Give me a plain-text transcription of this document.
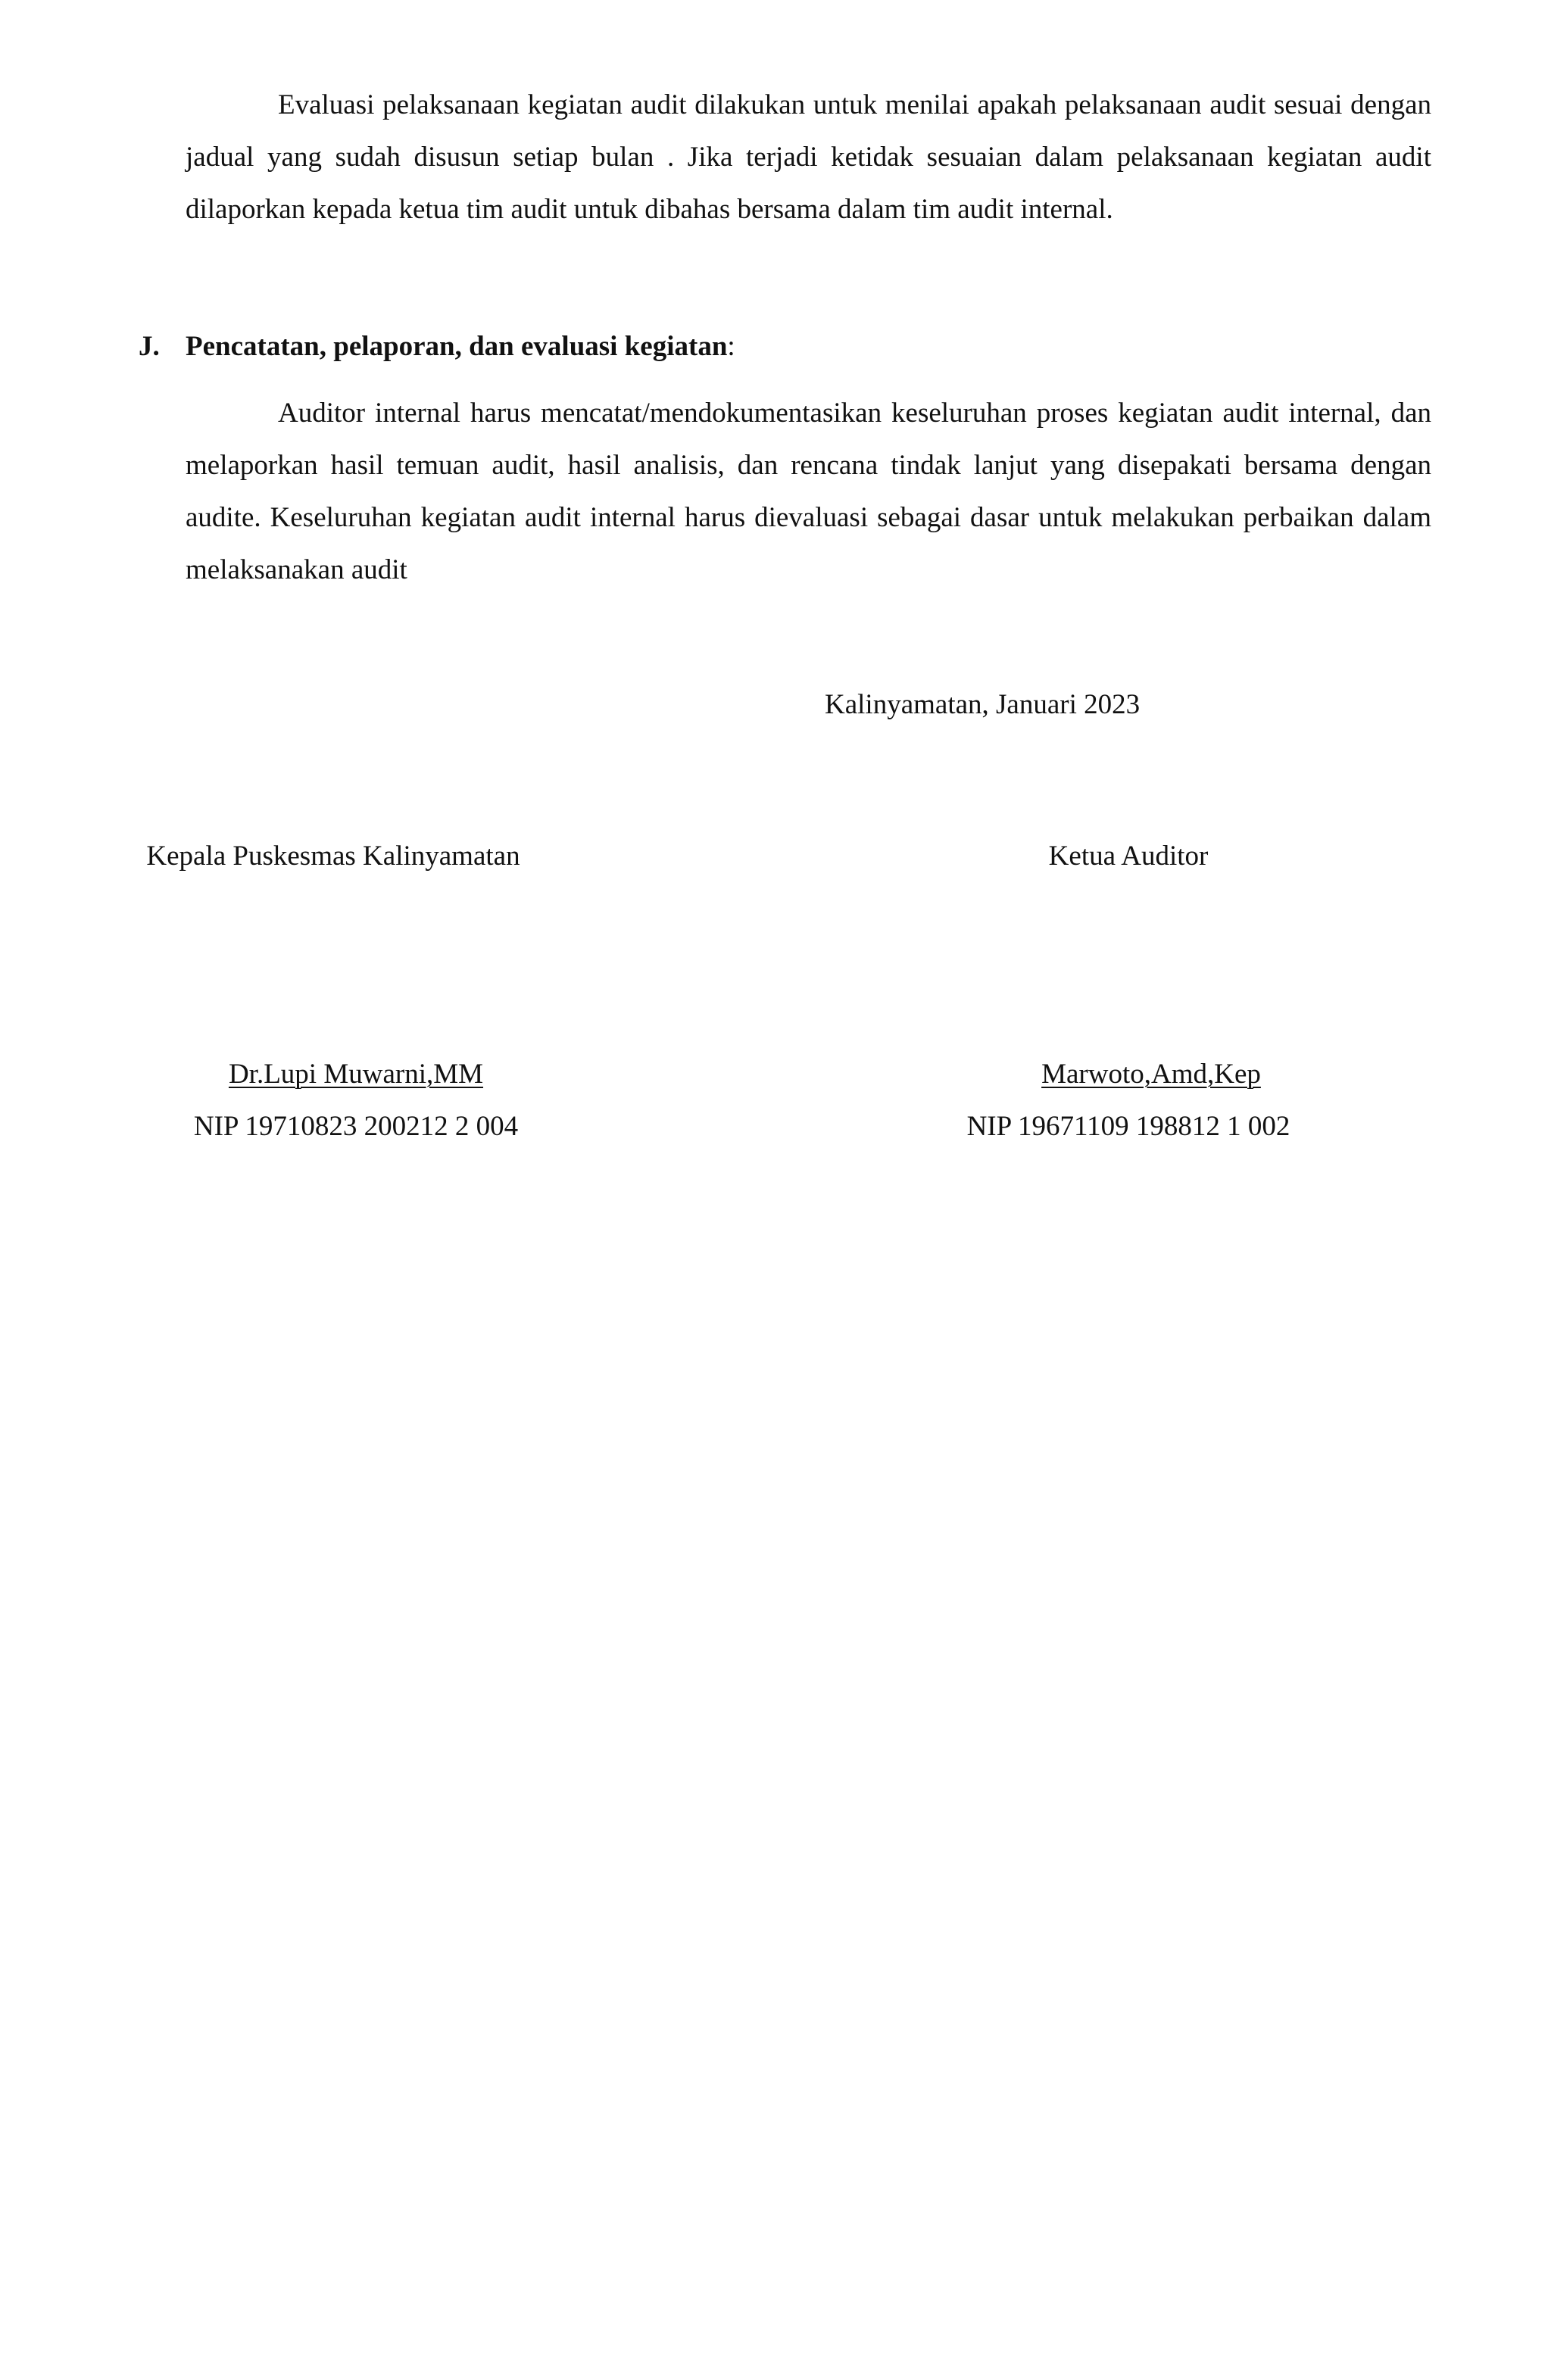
Evaluasi pelaksanaan kegiatan audit dilakukan untuk menilai apakah pelaksanaan audit sesuai dengan jadual yang sudah disusun setiap bulan . Jika terjadi ketidak sesuaian dalam pelaksanaan kegiatan audit dilaporkan kepada ketua tim audit untuk dibahas bersama dalam tim audit internal.

J. Pencatatan, pelaporan, dan evaluasi kegiatan:

Auditor internal harus mencatat/mendokumentasikan keseluruhan proses kegiatan audit internal, dan melaporkan hasil temuan audit, hasil analisis, dan rencana tindak lanjut yang disepakati bersama dengan audite. Keseluruhan kegiatan audit internal harus dievaluasi sebagai dasar untuk melakukan perbaikan dalam melaksanakan audit

Kalinyamatan, Januari 2023
Kepala Puskesmas Kalinyamatan	Ketua Auditor
Dr.Lupi Muwarni,MM	Marwoto,Amd,Kep
NIP 19710823 200212 2 004	NIP 19671109 198812 1 002
